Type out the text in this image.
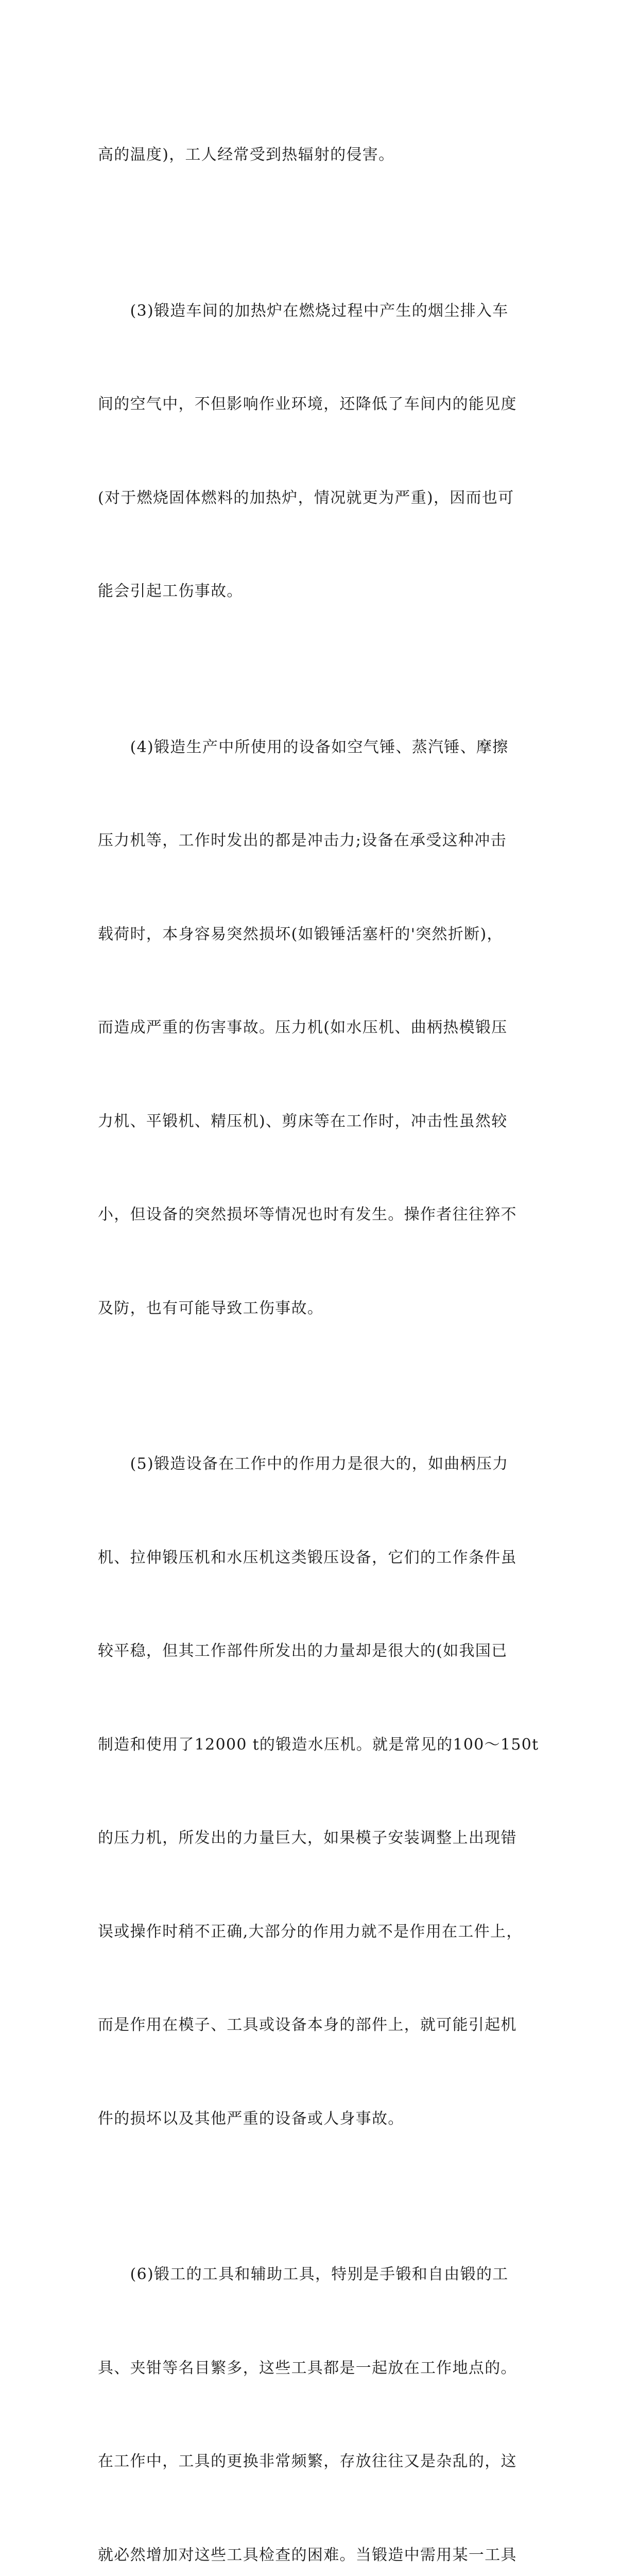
高的温度)，工人经常受到热辐射的侵害。

　　(3)锻造车间的加热炉在燃烧过程中产生的烟尘排入车

间的空气中，不但影响作业环境，还降低了车间内的能见度

(对于燃烧固体燃料的加热炉，情况就更为严重)，因而也可

能会引起工伤事故。

　　(4)锻造生产中所使用的设备如空气锤、蒸汽锤、摩擦

压力机等，工作时发出的都是冲击力;设备在承受这种冲击

载荷时，本身容易突然损坏(如锻锤活塞杆的'突然折断)，

而造成严重的伤害事故。压力机(如水压机、曲柄热模锻压

力机、平锻机、精压机)、剪床等在工作时，冲击性虽然较

小，但设备的突然损坏等情况也时有发生。操作者往往猝不

及防，也有可能导致工伤事故。

　　(5)锻造设备在工作中的作用力是很大的，如曲柄压力

机、拉伸锻压机和水压机这类锻压设备，它们的工作条件虽

较平稳，但其工作部件所发出的力量却是很大的(如我国已

制造和使用了12000 t的锻造水压机。就是常见的100～150t

的压力机，所发出的力量巨大，如果模子安装调整上出现错

误或操作时稍不正确,大部分的作用力就不是作用在工件上，

而是作用在模子、工具或设备本身的部件上，就可能引起机

件的损坏以及其他严重的设备或人身事故。

　　(6)锻工的工具和辅助工具，特别是手锻和自由锻的工

具、夹钳等名目繁多，这些工具都是一起放在工作地点的。

在工作中，工具的更换非常频繁，存放往往又是杂乱的，这

就必然增加对这些工具检查的困难。当锻造中需用某一工具
